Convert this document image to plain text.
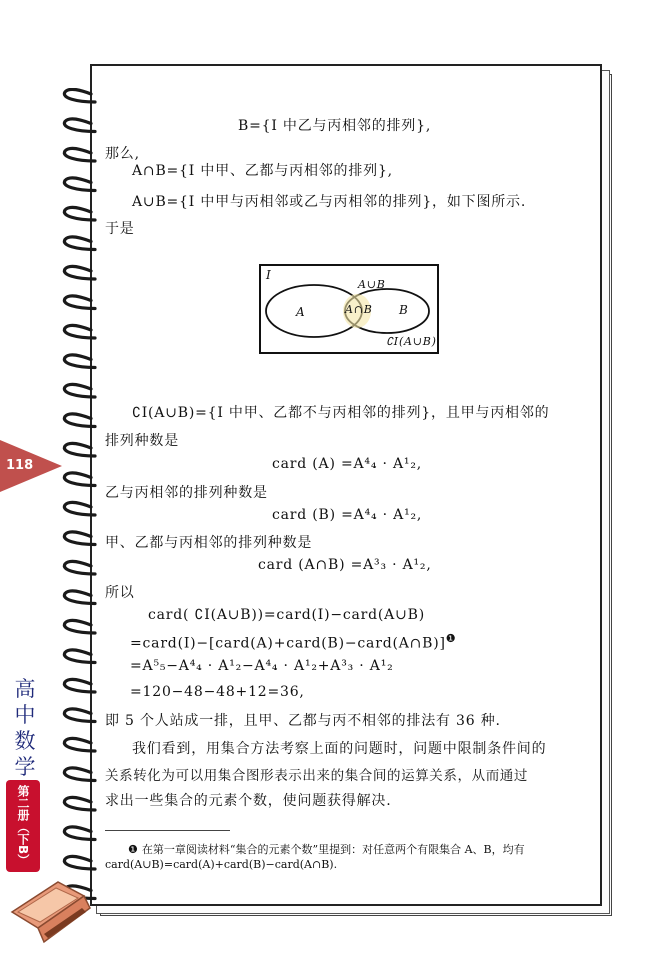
118
高中数学
第二册（下B）
B={I 中乙与丙相邻的排列},
那么,
A∩B={I 中甲、乙都与丙相邻的排列},
A∪B={I 中甲与丙相邻或乙与丙相邻的排列}，如下图所示.
于是
I
A	B
A∩B
A∪B
∁I(A∪B)
∁I(A∪B)={I 中甲、乙都不与丙相邻的排列}，且甲与丙相邻的
排列种数是
card (A) =A⁴₄ · A¹₂,
乙与丙相邻的排列种数是
card (B) =A⁴₄ · A¹₂,
甲、乙都与丙相邻的排列种数是
card (A∩B) =A³₃ · A¹₂,
所以
card( ∁I(A∪B))=card(I)−card(A∪B)
=card(I)−[card(A)+card(B)−card(A∩B)]$^❶$
=A⁵₅−A⁴₄ · A¹₂−A⁴₄ · A¹₂+A³₃ · A¹₂
=120−48−48+12=36,
即 5 个人站成一排，且甲、乙都与丙不相邻的排法有 36 种.
我们看到，用集合方法考察上面的问题时，问题中限制条件间的
关系转化为可以用集合图形表示出来的集合间的运算关系，从而通过
求出一些集合的元素个数，使问题获得解决.
❶ 在第一章阅读材料“集合的元素个数”里提到：对任意两个有限集合 A、B，均有
card(A∪B)=card(A)+card(B)−card(A∩B).
